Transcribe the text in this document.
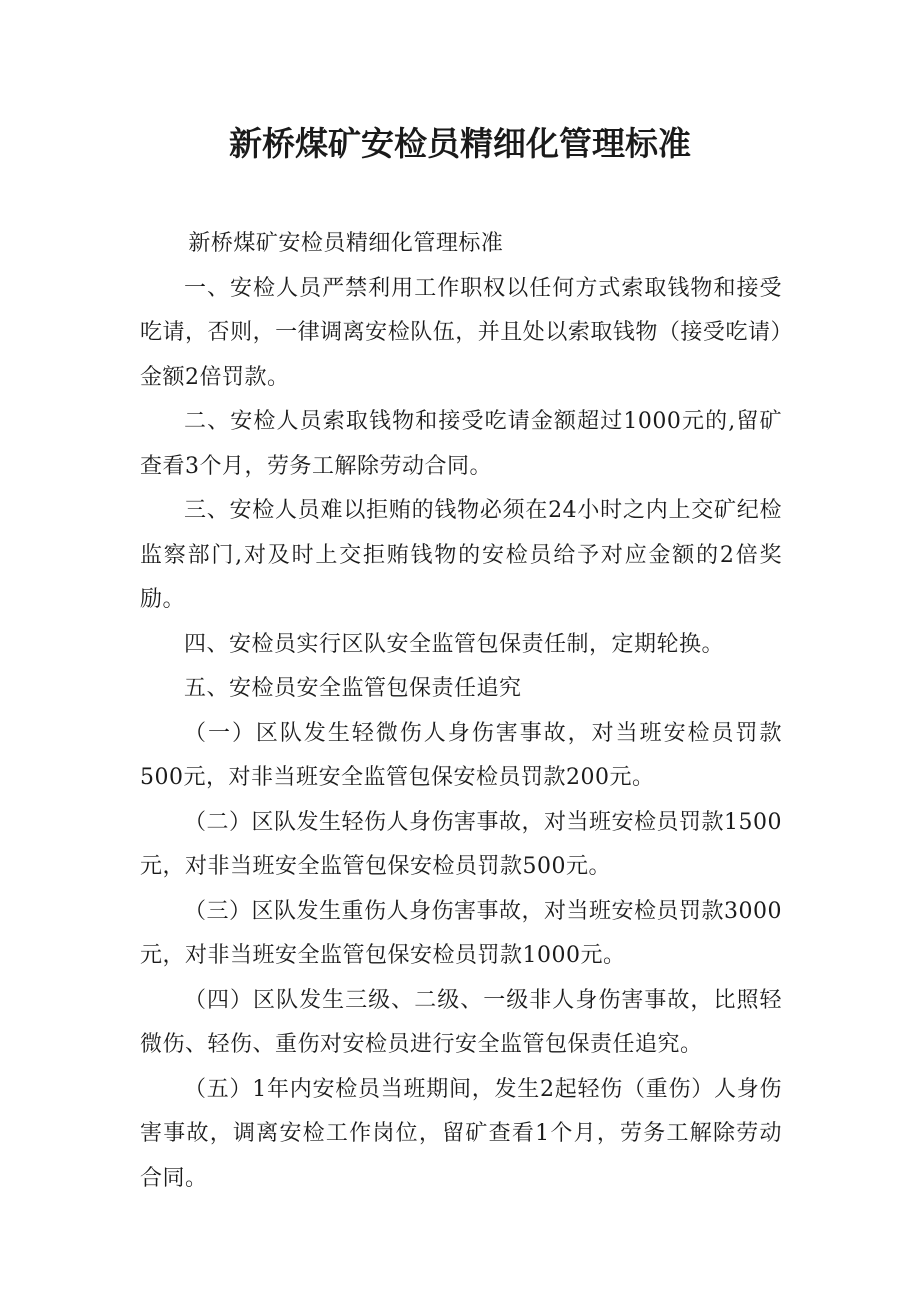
新桥煤矿安检员精细化管理标准

新桥煤矿安检员精细化管理标准

一、安检人员严禁利用工作职权以任何方式索取钱物和接受吃请，否则，一律调离安检队伍，并且处以索取钱物（接受吃请）金额2倍罚款。

二、安检人员索取钱物和接受吃请金额超过1000元的,留矿查看3个月，劳务工解除劳动合同。

三、安检人员难以拒贿的钱物必须在24小时之内上交矿纪检监察部门,对及时上交拒贿钱物的安检员给予对应金额的2倍奖励。

四、安检员实行区队安全监管包保责任制，定期轮换。

五、安检员安全监管包保责任追究

（一）区队发生轻微伤人身伤害事故，对当班安检员罚款500元，对非当班安全监管包保安检员罚款200元。

（二）区队发生轻伤人身伤害事故，对当班安检员罚款1500元，对非当班安全监管包保安检员罚款500元。

（三）区队发生重伤人身伤害事故，对当班安检员罚款3000元，对非当班安全监管包保安检员罚款1000元。

（四）区队发生三级、二级、一级非人身伤害事故，比照轻微伤、轻伤、重伤对安检员进行安全监管包保责任追究。

（五）1年内安检员当班期间，发生2起轻伤（重伤）人身伤害事故，调离安检工作岗位，留矿查看1个月，劳务工解除劳动合同。
